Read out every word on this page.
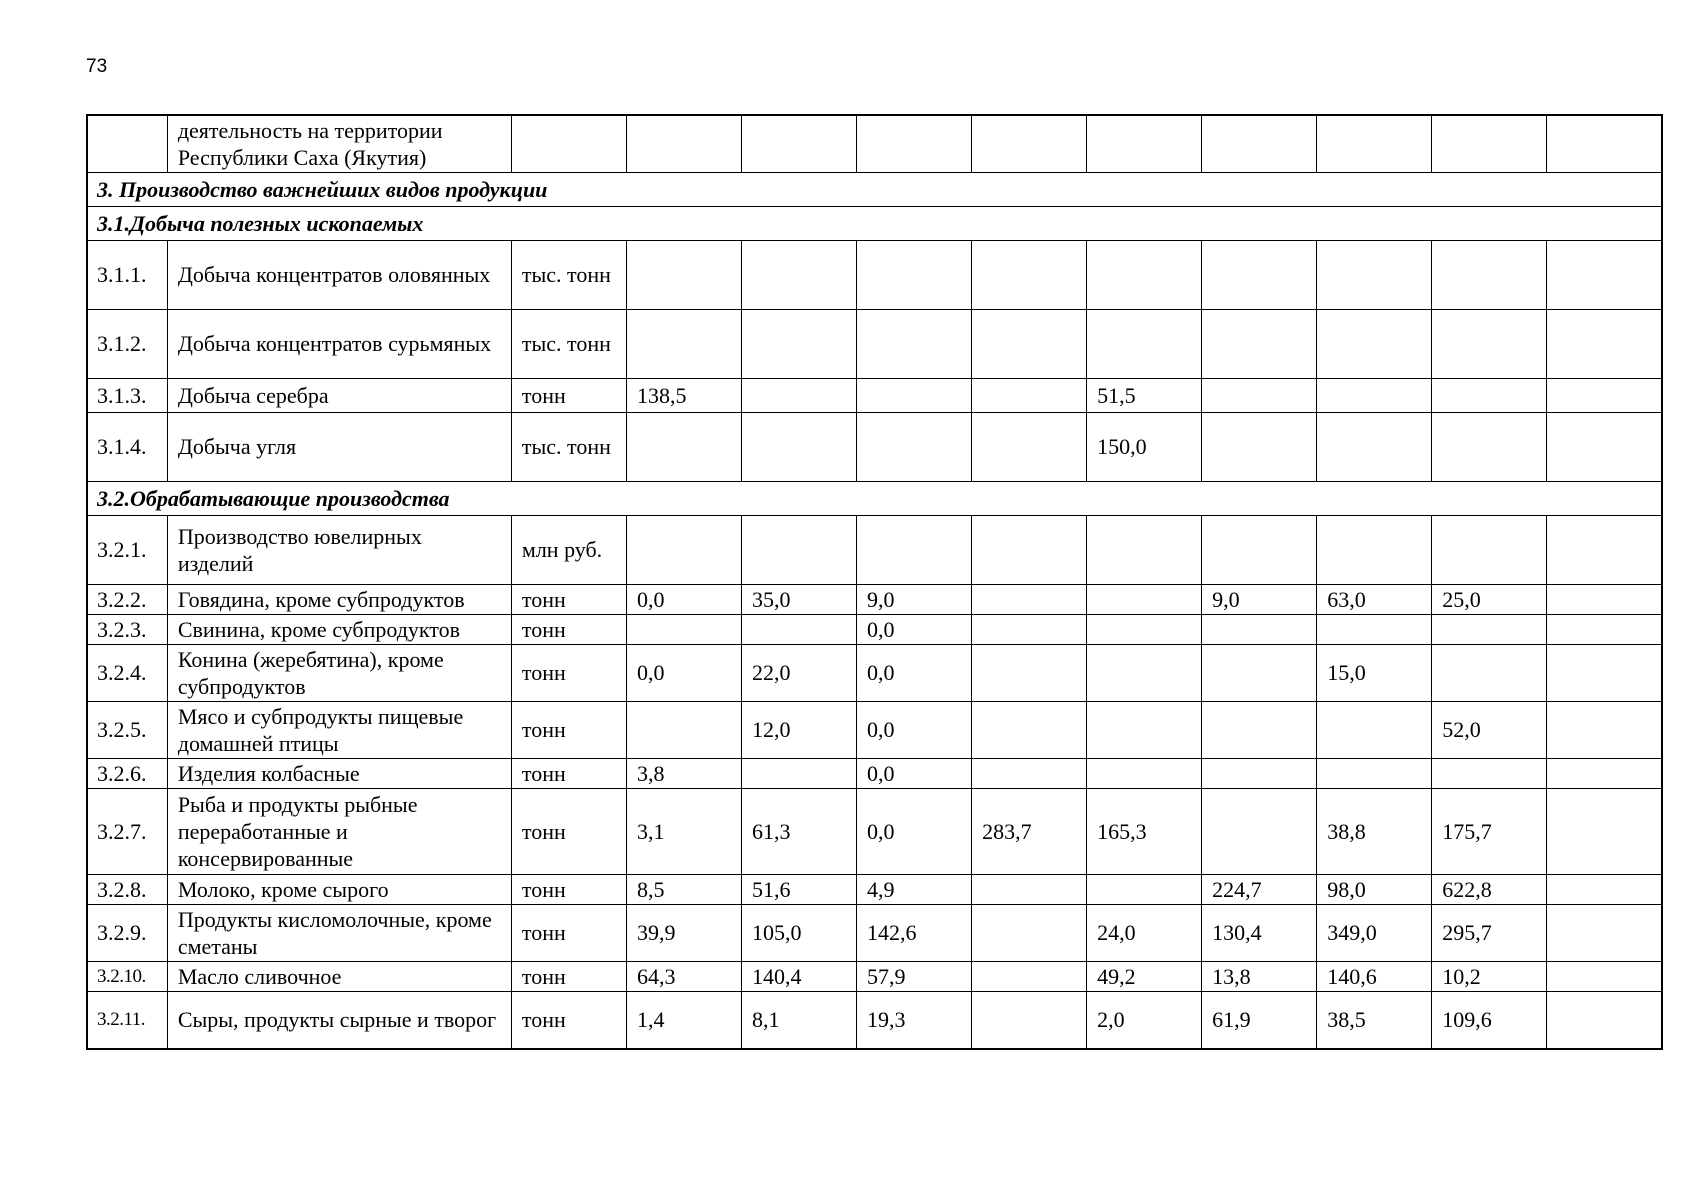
73
	деятельность на территории Республики Саха (Якутия)										
3. Производство важнейших видов продукции											
3.1.Добыча полезных ископаемых											
3.1.1.	Добыча концентратов оловянных	тыс. тонн									
3.1.2.	Добыча концентратов сурьмяных	тыс. тонн									
3.1.3.	Добыча серебра	тонн	138,5				51,5				
3.1.4.	Добыча угля	тыс. тонн					150,0				
3.2.Обрабатывающие производства											
3.2.1.	Производство ювелирных изделий	млн руб.									
3.2.2.	Говядина, кроме субпродуктов	тонн	0,0	35,0	9,0			9,0	63,0	25,0	
3.2.3.	Свинина, кроме субпродуктов	тонн			0,0						
3.2.4.	Конина (жеребятина), кроме субпродуктов	тонн	0,0	22,0	0,0				15,0		
3.2.5.	Мясо и субпродукты пищевые домашней птицы	тонн		12,0	0,0					52,0	
3.2.6.	Изделия колбасные	тонн	3,8		0,0						
3.2.7.	Рыба и продукты рыбные переработанные и консервированные	тонн	3,1	61,3	0,0	283,7	165,3		38,8	175,7	
3.2.8.	Молоко, кроме сырого	тонн	8,5	51,6	4,9			224,7	98,0	622,8	
3.2.9.	Продукты кисломолочные, кроме сметаны	тонн	39,9	105,0	142,6		24,0	130,4	349,0	295,7	
3.2.10.	Масло сливочное	тонн	64,3	140,4	57,9		49,2	13,8	140,6	10,2	
3.2.11.	Сыры, продукты сырные и творог	тонн	1,4	8,1	19,3		2,0	61,9	38,5	109,6	
